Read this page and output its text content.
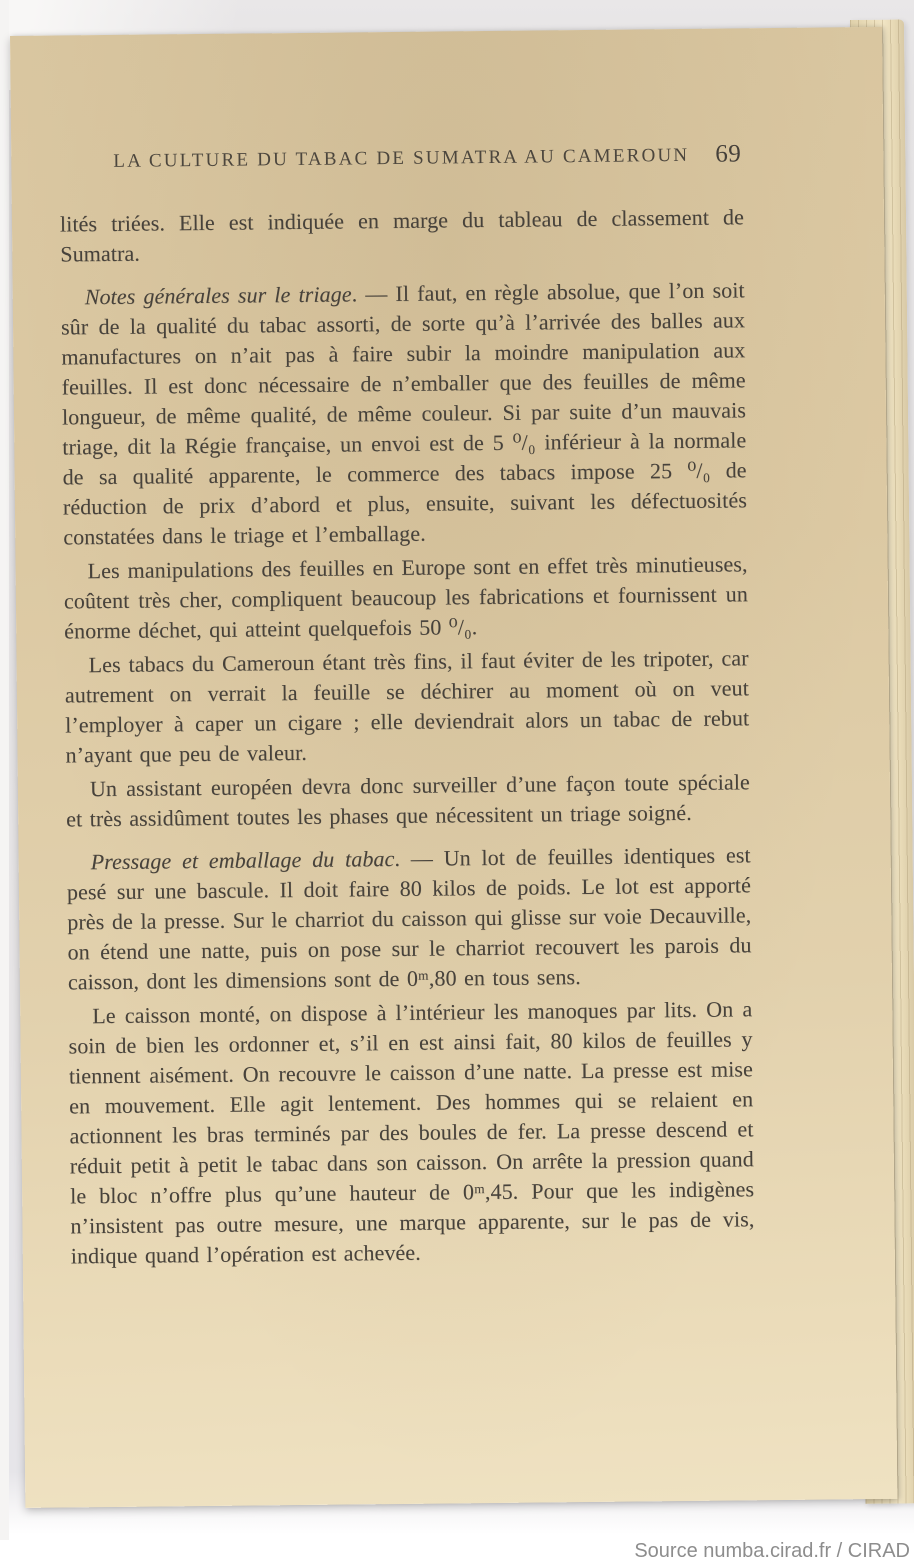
LA CULTURE DU TABAC DE SUMATRA AU CAMEROUN 69
lités triées. Elle est indiquée en marge du tableau de classement de Sumatra.
Notes générales sur le triage. — Il faut, en règle absolue, que l’on soit sûr de la qualité du tabac assorti, de sorte qu’à l’arrivée des balles aux manufactures on n’ait pas à faire subir la moindre manipulation aux feuilles. Il est donc nécessaire de n’emballer que des feuilles de même longueur, de même qualité, de même couleur. Si par suite d’un mauvais triage, dit la Régie française, un envoi est de 5 ⁰/₀ inférieur à la normale de sa qualité apparente, le commerce des tabacs impose 25 ⁰/₀ de réduction de prix d’abord et plus, ensuite, suivant les défectuosités constatées dans le triage et l’emballage.
Les manipulations des feuilles en Europe sont en effet très minutieuses, coûtent très cher, compliquent beaucoup les fabrications et fournissent un énorme déchet, qui atteint quelquefois 50 ⁰/₀.
Les tabacs du Cameroun étant très fins, il faut éviter de les tripoter, car autrement on verrait la feuille se déchirer au moment où on veut l’employer à caper un cigare ; elle deviendrait alors un tabac de rebut n’ayant que peu de valeur.
Un assistant européen devra donc surveiller d’une façon toute spéciale et très assidûment toutes les phases que nécessitent un triage soigné.
Pressage et emballage du tabac. — Un lot de feuilles identiques est pesé sur une bascule. Il doit faire 80 kilos de poids. Le lot est apporté près de la presse. Sur le charriot du caisson qui glisse sur voie Decauville, on étend une natte, puis on pose sur le charriot recouvert les parois du caisson, dont les dimensions sont de 0ᵐ,80 en tous sens.
Le caisson monté, on dispose à l’intérieur les manoques par lits. On a soin de bien les ordonner et, s’il en est ainsi fait, 80 kilos de feuilles y tiennent aisément. On recouvre le caisson d’une natte. La presse est mise en mouvement. Elle agit lentement. Des hommes qui se relaient en actionnent les bras terminés par des boules de fer. La presse descend et réduit petit à petit le tabac dans son caisson. On arrête la pression quand le bloc n’offre plus qu’une hauteur de 0ᵐ,45. Pour que les indigènes n’insistent pas outre mesure, une marque apparente, sur le pas de vis, indique quand l’opération est achevée.
Source numba.cirad.fr / CIRAD
